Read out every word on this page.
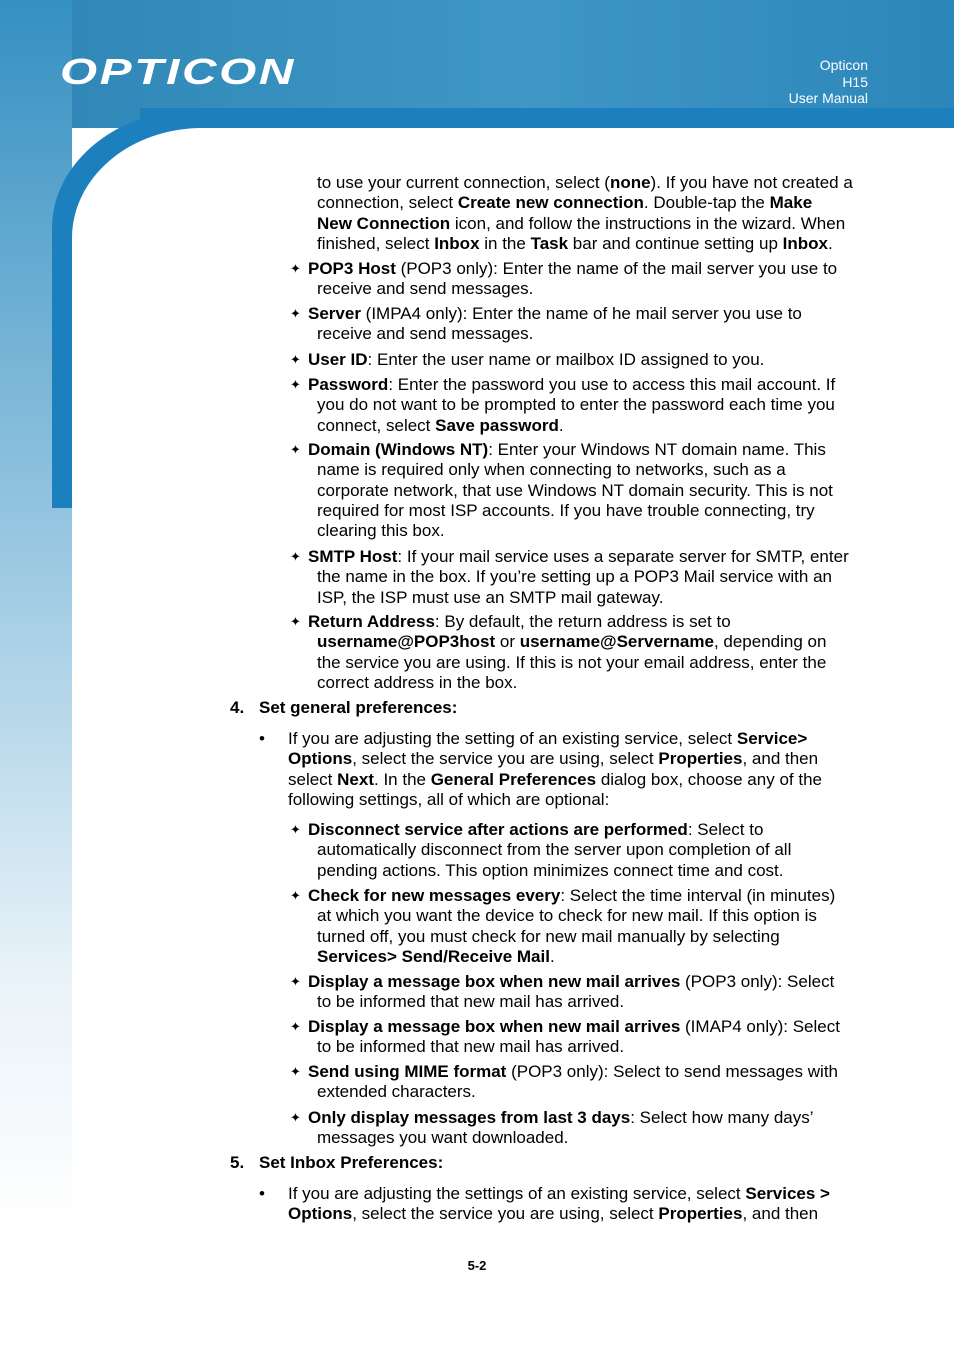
OPTICON	Opticon
H15
User Manual
to use your current connection, select (none). If you have not created a
connection, select Create new connection. Double-tap the Make
New Connection icon, and follow the instructions in the wizard. When
finished, select Inbox in the Task bar and continue setting up Inbox.
✦ POP3 Host (POP3 only): Enter the name of the mail server you use to
receive and send messages.
✦ Server (IMPA4 only): Enter the name of he mail server you use to
receive and send messages.
✦ User ID: Enter the user name or mailbox ID assigned to you.
✦ Password: Enter the password you use to access this mail account. If
you do not want to be prompted to enter the password each time you
connect, select Save password.
✦ Domain (Windows NT): Enter your Windows NT domain name. This
name is required only when connecting to networks, such as a
corporate network, that use Windows NT domain security. This is not
required for most ISP accounts. If you have trouble connecting, try
clearing this box.
✦ SMTP Host: If your mail service uses a separate server for SMTP, enter
the name in the box. If you’re setting up a POP3 Mail service with an
ISP, the ISP must use an SMTP mail gateway.
✦ Return Address: By default, the return address is set to
username@POP3host or username@Servername, depending on
the service you are using. If this is not your email address, enter the
correct address in the box.
4. Set general preferences:
• If you are adjusting the setting of an existing service, select Service>
Options, select the service you are using, select Properties, and then
select Next. In the General Preferences dialog box, choose any of the
following settings, all of which are optional:
✦ Disconnect service after actions are performed: Select to
automatically disconnect from the server upon completion of all
pending actions. This option minimizes connect time and cost.
✦ Check for new messages every: Select the time interval (in minutes)
at which you want the device to check for new mail. If this option is
turned off, you must check for new mail manually by selecting
Services> Send/Receive Mail.
✦ Display a message box when new mail arrives (POP3 only): Select
to be informed that new mail has arrived.
✦ Display a message box when new mail arrives (IMAP4 only): Select
to be informed that new mail has arrived.
✦ Send using MIME format (POP3 only): Select to send messages with
extended characters.
✦ Only display messages from last 3 days: Select how many days’
messages you want downloaded.
5. Set Inbox Preferences:
• If you are adjusting the settings of an existing service, select Services >
Options, select the service you are using, select Properties, and then
5-2
